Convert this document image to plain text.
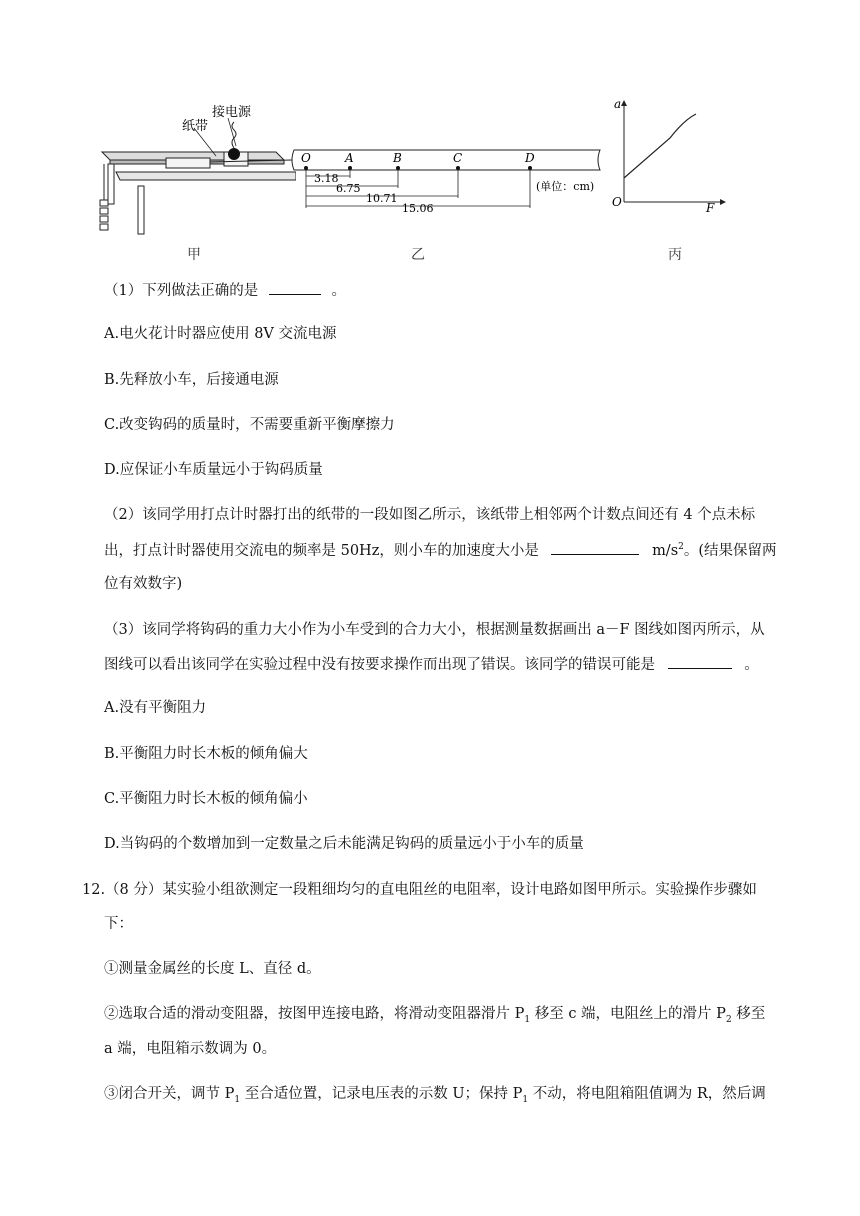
纸带
接电源
甲
O	A	B	C	D
3.18
6.75
10.71
15.06
(单位：cm)
乙
a
F
O
丙
（1）下列做法正确的是	。
A.电火花计时器应使用 8V 交流电源
B.先释放小车，后接通电源
C.改变钩码的质量时，不需要重新平衡摩擦力
D.应保证小车质量远小于钩码质量
（2）该同学用打点计时器打出的纸带的一段如图乙所示，该纸带上相邻两个计数点间还有 4 个点未标
出，打点计时器使用交流电的频率是 50Hz，则小车的加速度大小是	$m/s^2$。(结果保留两
位有效数字)
（3）该同学将钩码的重力大小作为小车受到的合力大小，根据测量数据画出 a－F 图线如图丙所示，从
图线可以看出该同学在实验过程中没有按要求操作而出现了错误。该同学的错误可能是	。
A.没有平衡阻力
B.平衡阻力时长木板的倾角偏大
C.平衡阻力时长木板的倾角偏小
D.当钩码的个数增加到一定数量之后未能满足钩码的质量远小于小车的质量
12.（8 分）某实验小组欲测定一段粗细均匀的直电阻丝的电阻率，设计电路如图甲所示。实验操作步骤如
下：
①测量金属丝的长度 L、直径 d。
②选取合适的滑动变阻器，按图甲连接电路，将滑动变阻器滑片 $P_1$ 移至 c 端，电阻丝上的滑片 $P_2$ 移至
a 端，电阻箱示数调为 0。
③闭合开关，调节 $P_1$ 至合适位置，记录电压表的示数 U；保持 $P_1$ 不动，将电阻箱阻值调为 R，然后调
